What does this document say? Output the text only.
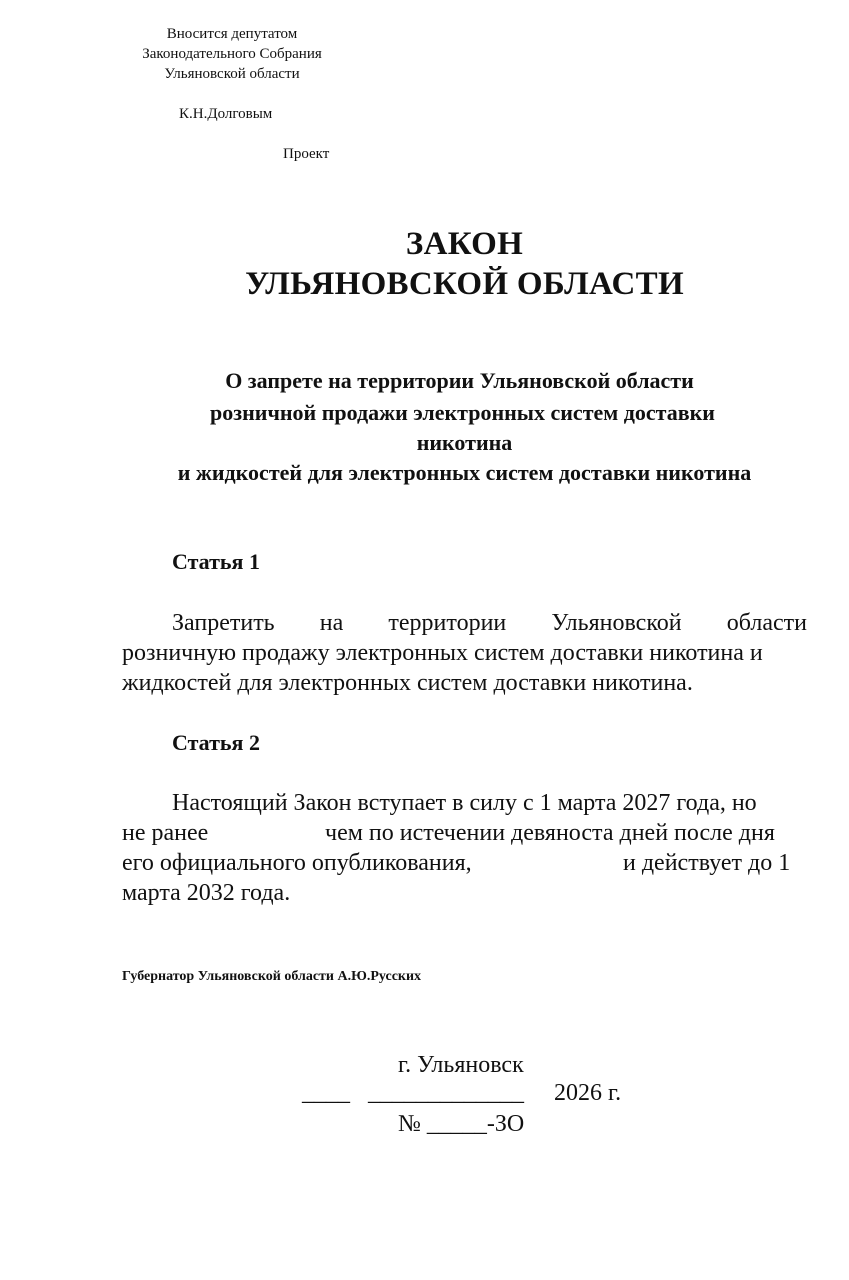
Вносится депутатом
Законодательного Собрания
Ульяновской области
К.Н.Долговым
Проект
ЗАКОН
УЛЬЯНОВСКОЙ ОБЛАСТИ
О запрете на территории Ульяновской области
розничной продажи электронных систем доставки
никотина
и жидкостей для электронных систем доставки никотина
Статья 1
Запретить на территории Ульяновской области
розничную продажу электронных систем доставки никотина и
жидкостей для электронных систем доставки никотина.
Статья 2
Настоящий Закон вступает в силу с 1 марта 2027 года, но
не ранее	чем по истечении девяноста дней после дня
его официального опубликования,	и действует до 1
марта 2032 года.
Губернатор Ульяновской области А.Ю.Русских
г. Ульяновск
____ _____________ 2026 г.
№ _____-ЗО
